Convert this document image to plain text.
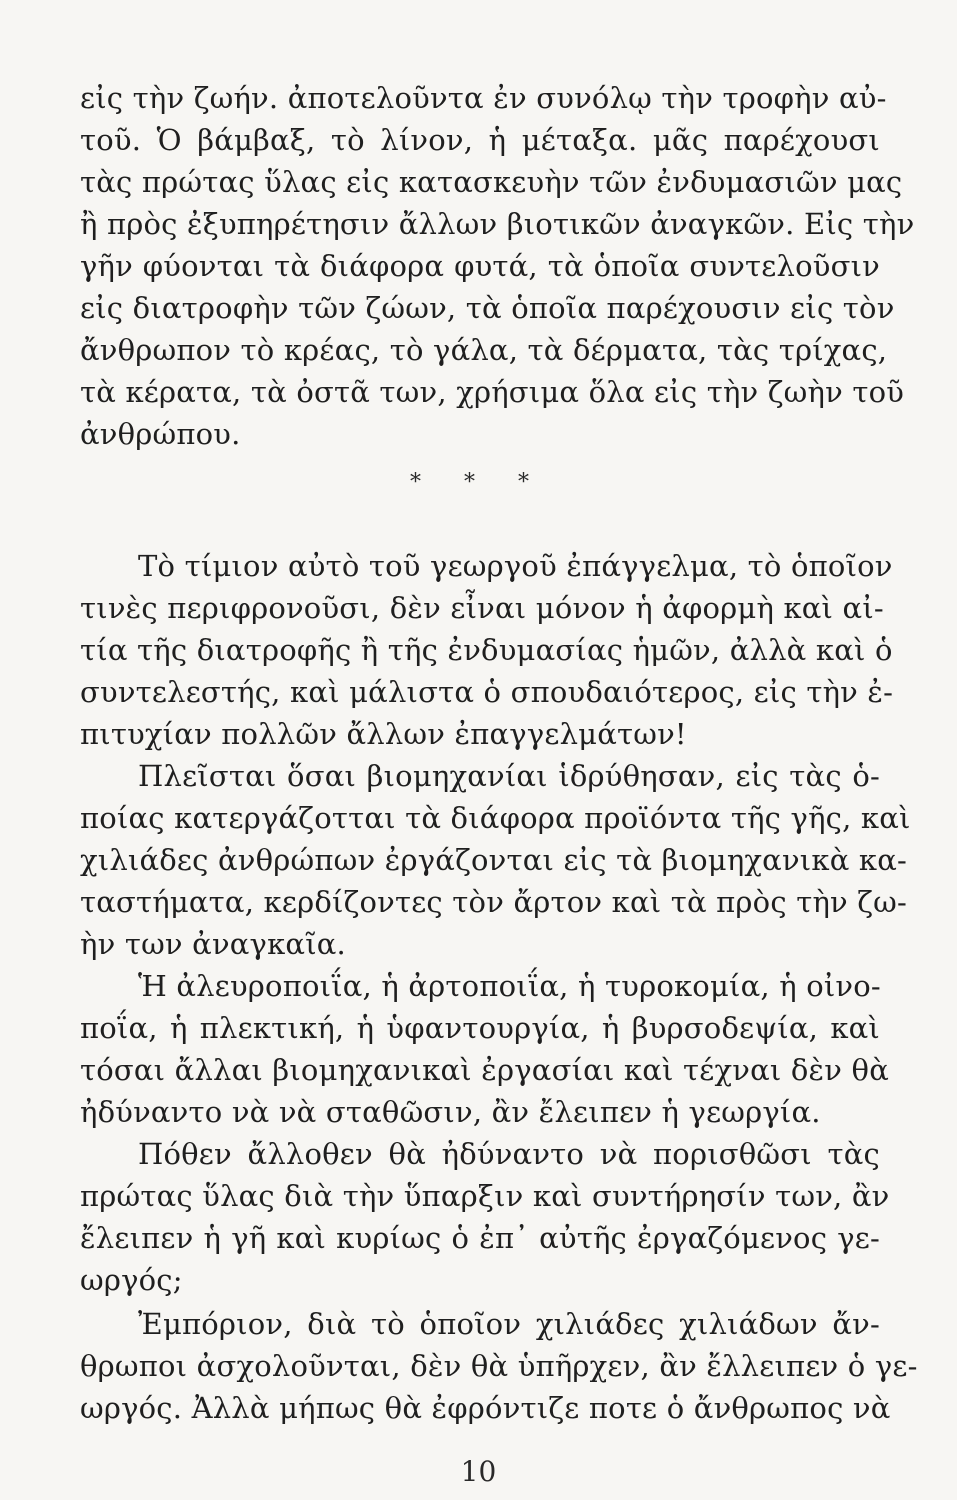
εἰς τὴν ζωήν. ἀποτελοῦντα ἐν συνόλῳ τὴν τροφὴν αὐ-
τοῦ. Ὁ βάμβαξ, τὸ λίνον, ἡ μέταξα. μᾶς παρέχουσι
τὰς πρώτας ὕλας εἰς κατασκευὴν τῶν ἐνδυμασιῶν μας
ἢ πρὸς ἐξυπηρέτησιν ἄλλων βιοτικῶν ἀναγκῶν. Εἰς τὴν
γῆν φύονται τὰ διάφορα φυτά, τὰ ὁποῖα συντελοῦσιν
εἰς διατροφὴν τῶν ζώων, τὰ ὁποῖα παρέχουσιν εἰς τὸν
ἄνθρωπον τὸ κρέας, τὸ γάλα, τὰ δέρματα, τὰς τρίχας,
τὰ κέρατα, τὰ ὀστᾶ των, χρήσιμα ὅλα εἰς τὴν ζωὴν τοῦ
ἀνθρώπου.
* * *
Τὸ τίμιον αὐτὸ τοῦ γεωργοῦ ἐπάγγελμα, τὸ ὁποῖον
τινὲς περιφρονοῦσι, δὲν εἶναι μόνον ἡ ἀφορμὴ καὶ αἰ-
τία τῆς διατροφῆς ἢ τῆς ἐνδυμασίας ἡμῶν, ἀλλὰ καὶ ὁ
συντελεστής, καὶ μάλιστα ὁ σπουδαιότερος, εἰς τὴν ἐ-
πιτυχίαν πολλῶν ἄλλων ἐπαγγελμάτων!
Πλεῖσται ὅσαι βιομηχανίαι ἱδρύθησαν, εἰς τὰς ὁ-
ποίας κατεργάζοτται τὰ διάφορα προϊόντα τῆς γῆς, καὶ
χιλιάδες ἀνθρώπων ἐργάζονται εἰς τὰ βιομηχανικὰ κα-
ταστήματα, κερδίζοντες τὸν ἄρτον καὶ τὰ πρὸς τὴν ζω-
ὴν των ἀναγκαῖα.
Ἡ ἀλευροποιΐα, ἡ ἀρτοποιΐα, ἡ τυροκομία, ἡ οἰνο-
ποΐα, ἡ πλεκτική, ἡ ὑφαντουργία, ἡ βυρσοδεψία, καὶ
τόσαι ἄλλαι βιομηχανικαὶ ἐργασίαι καὶ τέχναι δὲν θὰ
ἠδύναντο νὰ νὰ σταθῶσιν, ἂν ἔλειπεν ἡ γεωργία.
Πόθεν ἄλλοθεν θὰ ἠδύναντο νὰ πορισθῶσι τὰς
πρώτας ὕλας διὰ τὴν ὕπαρξιν καὶ συντήρησίν των, ἂν
ἔλειπεν ἡ γῆ καὶ κυρίως ὁ ἐπ᾽ αὐτῆς ἐργαζόμενος γε-
ωργός;
Ἐμπόριον, διὰ τὸ ὁποῖον χιλιάδες χιλιάδων ἄν-
θρωποι ἀσχολοῦνται, δὲν θὰ ὑπῆρχεν, ἂν ἔλλειπεν ὁ γε-
ωργός. Ἀλλὰ μήπως θὰ ἐφρόντιζε ποτε ὁ ἄνθρωπος νὰ
10
